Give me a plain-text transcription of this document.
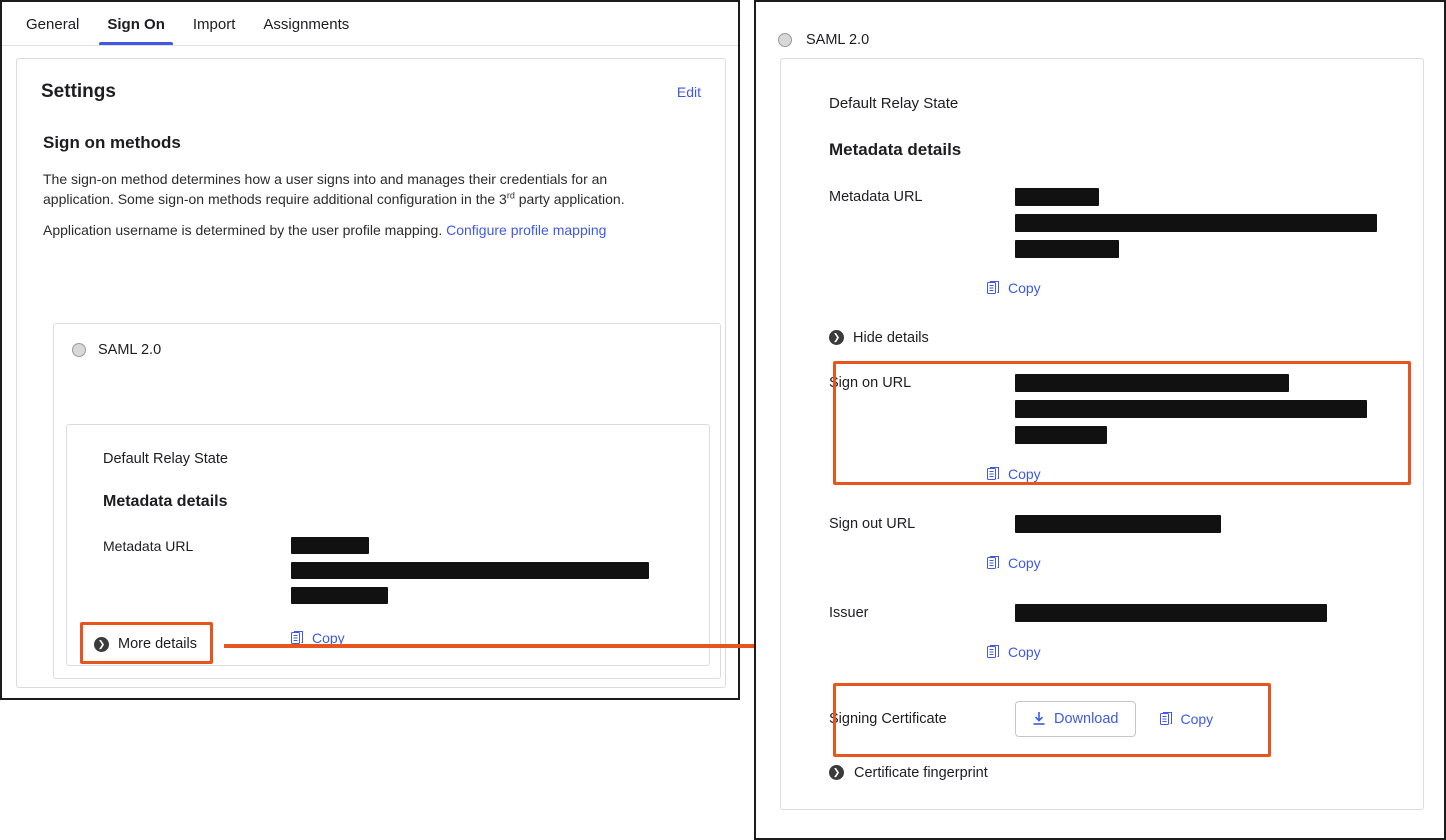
General	Sign On	Import	Assignments
Settings	Edit
Sign on methods
The sign-on method determines how a user signs into and manages their credentials for an application. Some sign-on methods require additional configuration in the 3rd party application.
Application username is determined by the user profile mapping. Configure profile mapping
SAML 2.0
Default Relay State
Metadata details
Metadata URL
Copy
❯ More details
SAML 2.0
Default Relay State
Metadata details
Metadata URL
Copy
❯ Hide details
Sign on URL
Copy
Sign out URL
Copy
Issuer
Copy
Signing Certificate	Download	Copy
❯ Certificate fingerprint
